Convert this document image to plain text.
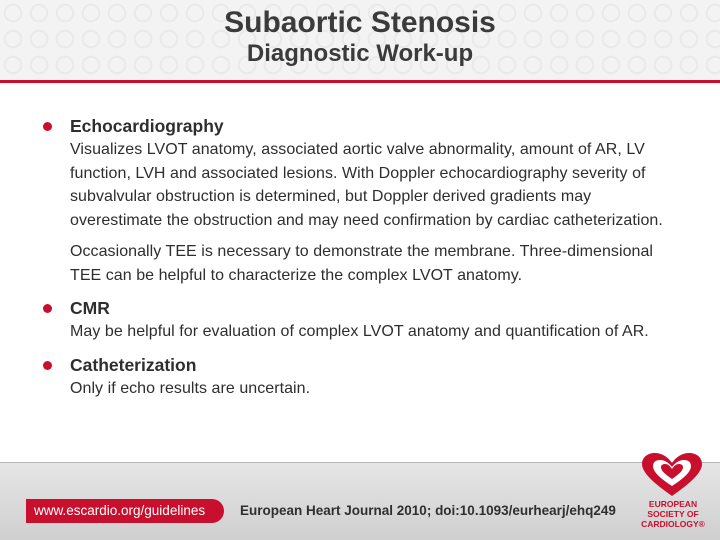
Subaortic Stenosis
Diagnostic Work-up
Echocardiography

Visualizes LVOT anatomy, associated aortic valve abnormality, amount of AR, LV function, LVH and associated lesions. With Doppler echocardiography severity of subvalvular obstruction is determined, but Doppler derived gradients may overestimate the obstruction and may need confirmation by cardiac catheterization.

Occasionally TEE is necessary to demonstrate the membrane. Three-dimensional TEE can be helpful to characterize the complex LVOT anatomy.

CMR

May be helpful for evaluation of complex LVOT anatomy and quantification of AR.

Catheterization

Only if echo results are uncertain.

www.escardio.org/guidelines	European Heart Journal 2010; doi:10.1093/eurhearj/ehq249	EUROPEAN
SOCIETY OF
CARDIOLOGY®
